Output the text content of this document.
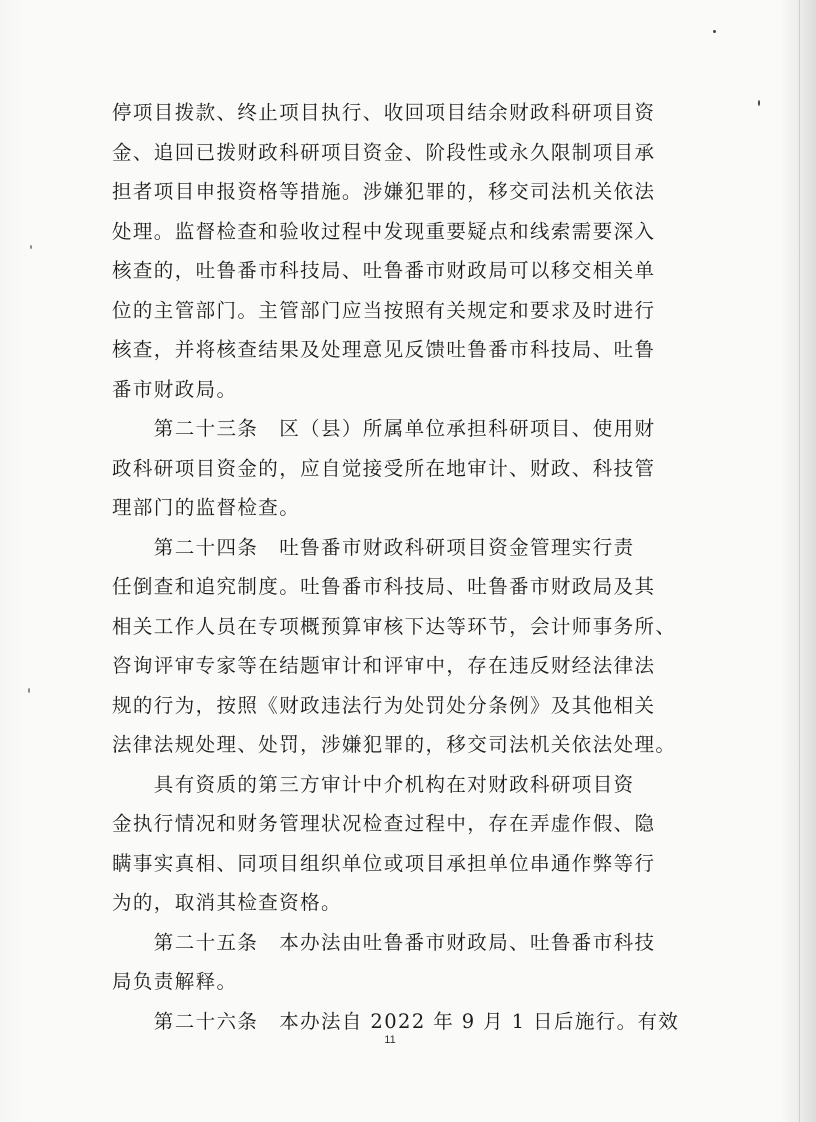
停项目拨款、终止项目执行、收回项目结余财政科研项目资
金、追回已拨财政科研项目资金、阶段性或永久限制项目承
担者项目申报资格等措施。涉嫌犯罪的，移交司法机关依法
处理。监督检查和验收过程中发现重要疑点和线索需要深入
核查的，吐鲁番市科技局、吐鲁番市财政局可以移交相关单
位的主管部门。主管部门应当按照有关规定和要求及时进行
核查，并将核查结果及处理意见反馈吐鲁番市科技局、吐鲁
番市财政局。
　　第二十三条　区（县）所属单位承担科研项目、使用财
政科研项目资金的，应自觉接受所在地审计、财政、科技管
理部门的监督检查。
　　第二十四条　吐鲁番市财政科研项目资金管理实行责
任倒查和追究制度。吐鲁番市科技局、吐鲁番市财政局及其
相关工作人员在专项概预算审核下达等环节，会计师事务所、
咨询评审专家等在结题审计和评审中，存在违反财经法律法
规的行为，按照《财政违法行为处罚处分条例》及其他相关
法律法规处理、处罚，涉嫌犯罪的，移交司法机关依法处理。
　　具有资质的第三方审计中介机构在对财政科研项目资
金执行情况和财务管理状况检查过程中，存在弄虚作假、隐
瞒事实真相、同项目组织单位或项目承担单位串通作弊等行
为的，取消其检查资格。
　　第二十五条　本办法由吐鲁番市财政局、吐鲁番市科技
局负责解释。
　　第二十六条　本办法自 2022 年 9 月 1 日后施行。有效
11
